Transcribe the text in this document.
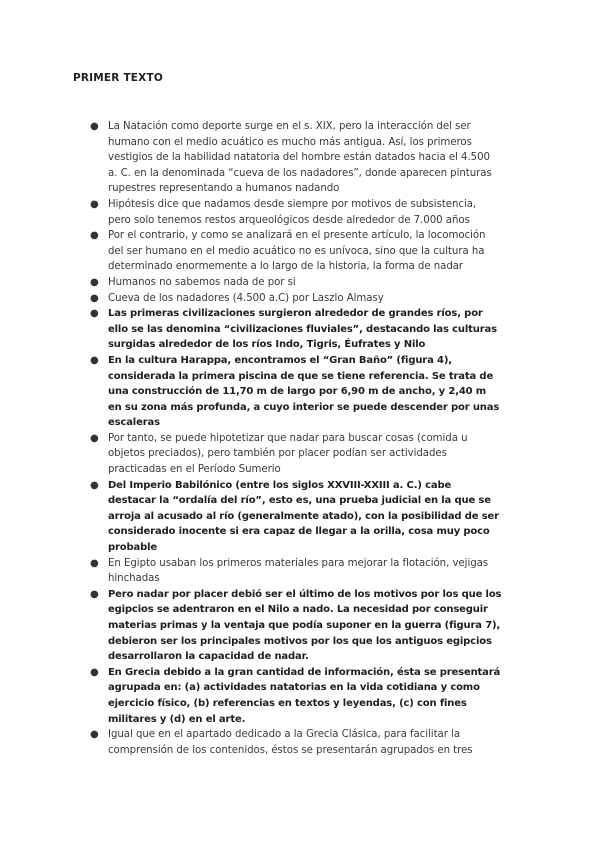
PRIMER TEXTO
● La Natación como deporte surge en el s. XIX, pero la interacción del ser humano con el medio acuático es mucho más antigua. Así, los primeros vestigios de la habilidad natatoria del hombre están datados hacia el 4.500 a. C. en la denominada “cueva de los nadadores”, donde aparecen pinturas rupestres representando a humanos nadando
● Hipótesis dice que nadamos desde siempre por motivos de subsistencia, pero solo tenemos restos arqueológicos desde alrededor de 7.000 años
● Por el contrario, y como se analizará en el presente artículo, la locomoción del ser humano en el medio acuático no es unívoca, sino que la cultura ha determinado enormemente a lo largo de la historia, la forma de nadar
● Humanos no sabemos nada de por si
● Cueva de los nadadores (4.500 a.C) por Laszlo Almasy
● Las primeras civilizaciones surgieron alrededor de grandes ríos, por ello se las denomina “civilizaciones fluviales”, destacando las culturas surgidas alrededor de los ríos Indo, Tigris, Éufrates y Nilo
● En la cultura Harappa, encontramos el “Gran Baño” (figura 4), considerada la primera piscina de que se tiene referencia. Se trata de una construcción de 11,70 m de largo por 6,90 m de ancho, y 2,40 m en su zona más profunda, a cuyo interior se puede descender por unas escaleras
● Por tanto, se puede hipotetizar que nadar para buscar cosas (comida u objetos preciados), pero también por placer podían ser actividades practicadas en el Período Sumerio
● Del Imperio Babilónico (entre los siglos XXVIII-XXIII a. C.) cabe destacar la “ordalía del río”, esto es, una prueba judicial en la que se arroja al acusado al río (generalmente atado), con la posibilidad de ser considerado inocente si era capaz de llegar a la orilla, cosa muy poco probable
● En Egipto usaban los primeros materiales para mejorar la flotación, vejigas hinchadas
● Pero nadar por placer debió ser el último de los motivos por los que los egipcios se adentraron en el Nilo a nado. La necesidad por conseguir materias primas y la ventaja que podía suponer en la guerra (figura 7), debieron ser los principales motivos por los que los antiguos egipcios desarrollaron la capacidad de nadar.
● En Grecia debido a la gran cantidad de información, ésta se presentará agrupada en: (a) actividades natatorias en la vida cotidiana y como ejercicio físico, (b) referencias en textos y leyendas, (c) con fines militares y (d) en el arte.
● Igual que en el apartado dedicado a la Grecia Clásica, para facilitar la comprensión de los contenidos, éstos se presentarán agrupados en tres
